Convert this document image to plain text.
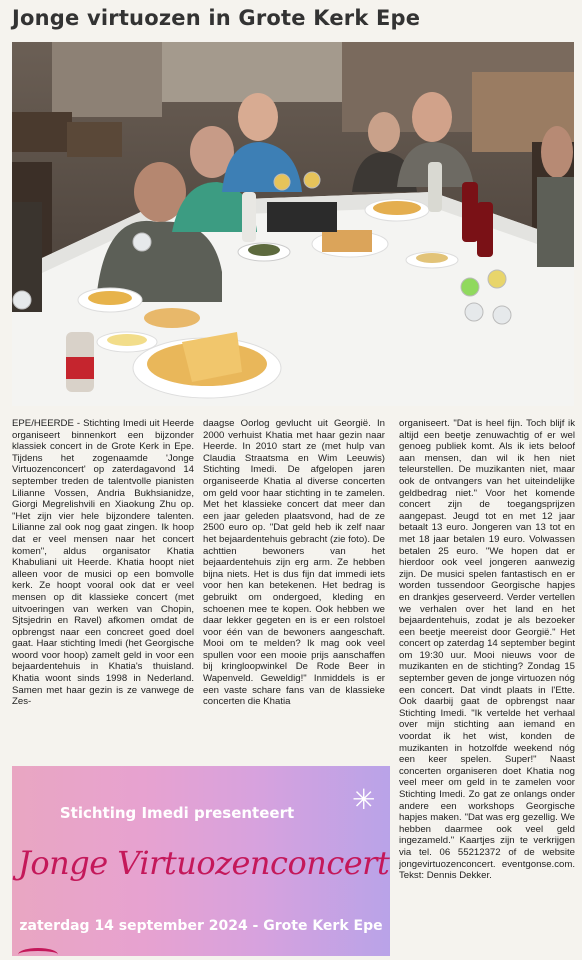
Jonge virtuozen in Grote Kerk Epe

EPE/HEERDE - Stichting Imedi uit Heerde organiseert binnenkort een bijzonder klassiek concert in de Grote Kerk in Epe. Tijdens het zogenaamde 'Jonge Virtuozenconcert' op zaterdagavond 14 september treden de talentvolle pianisten Lilianne Vossen, Andria Bukhsianidze, Giorgi Megrelishvili en Xiaokung Zhu op. "Het zijn vier hele bijzondere talenten. Lilianne zal ook nog gaat zingen. Ik hoop dat er veel mensen naar het concert komen", aldus organisator Khatia Khabuliani uit Heerde. Khatia hoopt niet alleen voor de musici op een bomvolle kerk. Ze hoopt vooral ook dat er veel mensen op dit klassieke concert (met uitvoeringen van werken van Chopin, Sjtsjedrin en Ravel) afkomen omdat de opbrengst naar een concreet goed doel gaat. Haar stichting Imedi (het Georgische woord voor hoop) zamelt geld in voor een bejaardentehuis in Khatia's thuisland. Khatia woont sinds 1998 in Nederland. Samen met haar gezin is ze vanwege de Zes-

daagse Oorlog gevlucht uit Georgië. In 2000 verhuist Khatia met haar gezin naar Heerde. In 2010 start ze (met hulp van Claudia Straatsma en Wim Leeuwis) Stichting Imedi. De afgelopen jaren organiseerde Khatia al diverse concerten om geld voor haar stichting in te zamelen. Met het klassieke concert dat meer dan een jaar geleden plaatsvond, had de ze 2500 euro op. "Dat geld heb ik zelf naar het bejaardentehuis gebracht (zie foto). De achttien bewoners van het bejaardentehuis zijn erg arm. Ze hebben bijna niets. Het is dus fijn dat immedi iets voor hen kan betekenen. Het bedrag is gebruikt om ondergoed, kleding en schoenen mee te kopen. Ook hebben we daar lekker gegeten en is er een rolstoel voor één van de bewoners aangeschaft. Mooi om te melden? Ik mag ook veel spullen voor een mooie prijs aanschaffen bij kringloopwinkel De Rode Beer in Wapenveld. Geweldig!" Inmiddels is er een vaste schare fans van de klassieke concerten die Khatia

organiseert. "Dat is heel fijn. Toch blijf ik altijd een beetje zenuwachtig of er wel genoeg publiek komt. Als ik iets beloof aan mensen, dan wil ik hen niet teleurstellen. De muzikanten niet, maar ook de ontvangers van het uiteindelijke geldbedrag niet." Voor het komende concert zijn de toegangsprijzen aangepast. Jeugd tot en met 12 jaar betaalt 13 euro. Jongeren van 13 tot en met 18 jaar betalen 19 euro. Volwassen betalen 25 euro. "We hopen dat er hierdoor ook veel jongeren aanwezig zijn. De musici spelen fantastisch en er worden tussendoor Georgische hapjes en drankjes geserveerd. Verder vertellen we verhalen over het land en het bejaardentehuis, zodat je als bezoeker een beetje meereist door Georgië." Het concert op zaterdag 14 september begint om 19:30 uur. Mooi nieuws voor de muzikanten en de stichting? Zondag 15 september geven de jonge virtuozen nóg een concert. Dat vindt plaats in l'Ette. Ook daarbij gaat de opbrengst naar Stichting Imedi. "Ik vertelde het verhaal over mijn stichting aan iemand en voordat ik het wist, konden de muzikanten in hotzolfde weekend nóg een keer spelen. Super!" Naast concerten organiseren doet Khatia nog veel meer om geld in te zamelen voor Stichting Imedi. Zo gat ze onlangs onder andere een workshops Georgische hapjes maken. "Dat was erg gezellig. We hebben daarmee ook veel geld ingezameld." Kaartjes zijn te verkrijgen via tel. 06 55212372 of de website jongevirtuozenconcert. eventgonse.com. Tekst: Dennis Dekker.

✳
Stichting Imedi presenteert
Jonge Virtuozenconcert
zaterdag 14 september 2024 - Grote Kerk Epe
